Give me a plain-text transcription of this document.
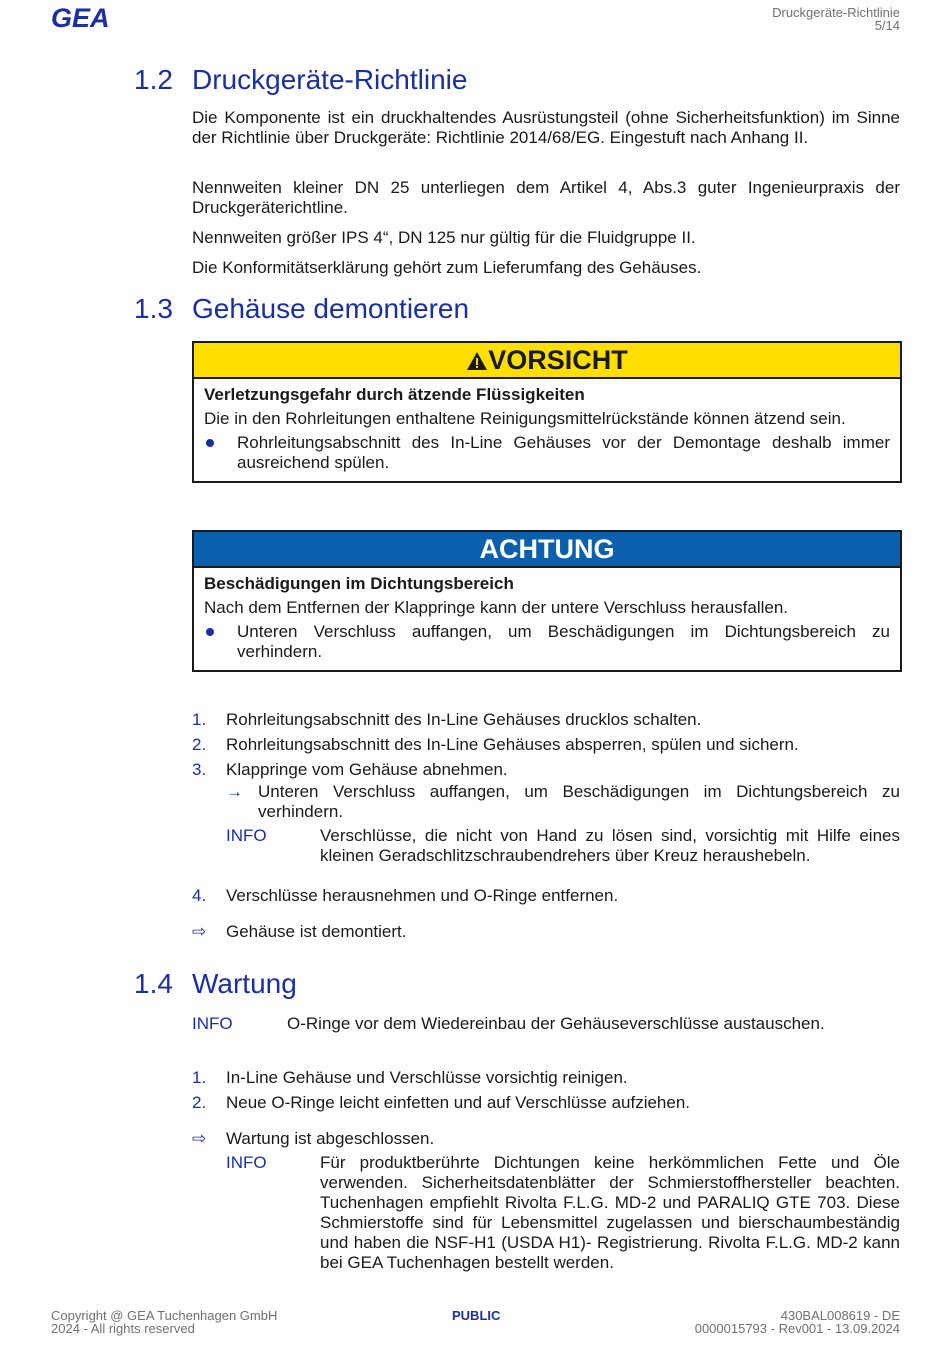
GEA	Druckgeräte-Richtlinie
5/14
1.2 Druckgeräte-Richtlinie
Die Komponente ist ein druckhaltendes Ausrüstungsteil (ohne Sicherheitsfunktion) im Sinne der Richtlinie über Druckgeräte: Richtlinie 2014/68/EG. Eingestuft nach Anhang II.
Nennweiten kleiner DN 25 unterliegen dem Artikel 4, Abs.3 guter Ingenieurpraxis der Druckgeräterichtline.
Nennweiten größer IPS 4“, DN 125 nur gültig für die Fluidgruppe II.
Die Konformitätserklärung gehört zum Lieferumfang des Gehäuses.
1.3 Gehäuse demontieren
VORSICHT
Verletzungsgefahr durch ätzende Flüssigkeiten
Die in den Rohrleitungen enthaltene Reinigungsmittelrückstände können ätzend sein.
Rohrleitungsabschnitt des In-Line Gehäuses vor der Demontage deshalb immer ausreichend spülen.
ACHTUNG
Beschädigungen im Dichtungsbereich
Nach dem Entfernen der Klappringe kann der untere Verschluss herausfallen.
Unteren Verschluss auffangen, um Beschädigungen im Dichtungsbereich zu verhindern.
1. Rohrleitungsabschnitt des In-Line Gehäuses drucklos schalten.
2. Rohrleitungsabschnitt des In-Line Gehäuses absperren, spülen und sichern.
3. Klappringe vom Gehäuse abnehmen.
→ Unteren Verschluss auffangen, um Beschädigungen im Dichtungsbereich zu verhindern.
INFO	Verschlüsse, die nicht von Hand zu lösen sind, vorsichtig mit Hilfe eines kleinen Geradschlitzschraubendrehers über Kreuz heraushebeln.
4. Verschlüsse herausnehmen und O-Ringe entfernen.
⇨ Gehäuse ist demontiert.
1.4 Wartung
INFO	O-Ringe vor dem Wiedereinbau der Gehäuseverschlüsse austauschen.
1. In-Line Gehäuse und Verschlüsse vorsichtig reinigen.
2. Neue O-Ringe leicht einfetten und auf Verschlüsse aufziehen.
⇨ Wartung ist abgeschlossen.
INFO	Für produktberührte Dichtungen keine herkömmlichen Fette und Öle verwenden. Sicherheitsdatenblätter der Schmierstoffhersteller beachten. Tuchenhagen empfiehlt Rivolta F.L.G. MD-2 und PARALIQ GTE 703. Diese Schmierstoffe sind für Lebensmittel zugelassen und bierschaumbeständig und haben die NSF-H1 (USDA H1)- Registrierung. Rivolta F.L.G. MD-2 kann bei GEA Tuchenhagen bestellt werden.
Copyright @ GEA Tuchenhagen GmbH
2024 - All rights reserved
PUBLIC	430BAL008619 - DE
0000015793 - Rev001 - 13.09.2024
